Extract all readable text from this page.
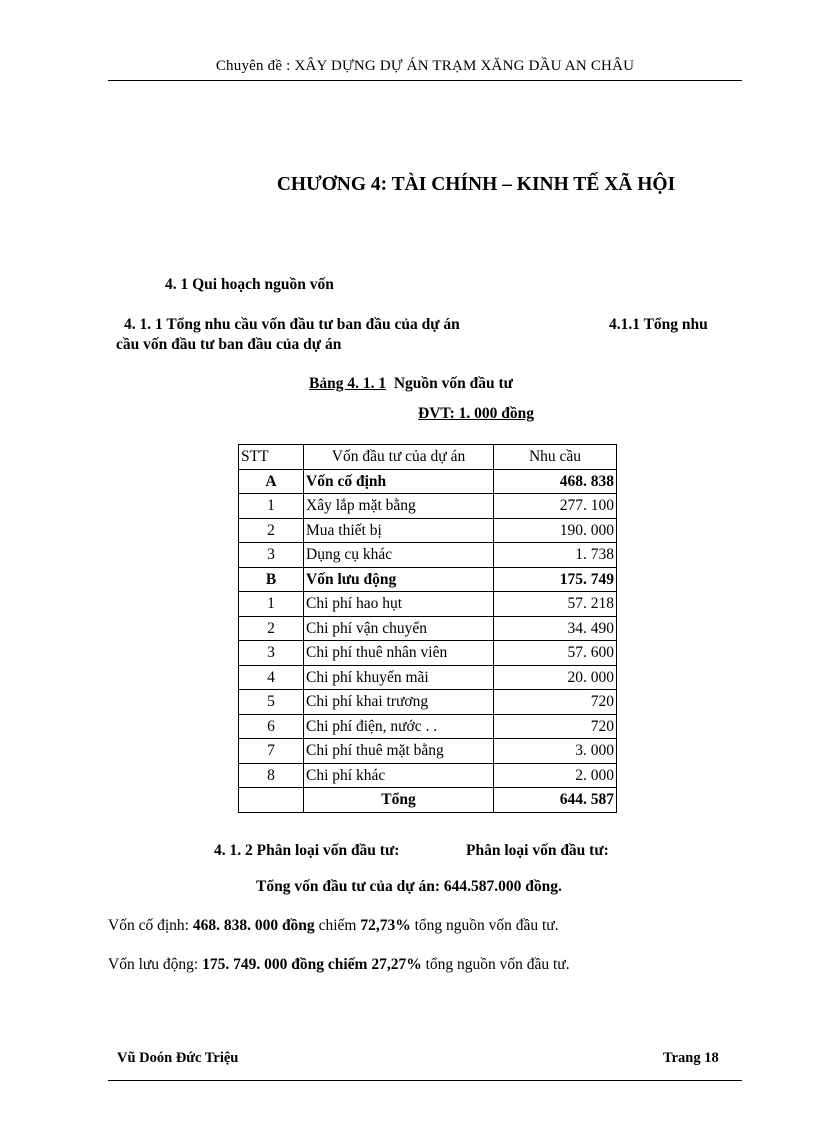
Chuyên đề : XÂY DỰNG DỰ ÁN TRẠM XĂNG DẦU AN CHÂU
CHƯƠNG 4: TÀI CHÍNH – KINH TẾ XÃ HỘI
4. 1 Qui hoạch nguồn vốn
4. 1. 1 Tổng nhu cầu vốn đầu tư ban đầu của dự án	4.1.1 Tổng nhu
cầu vốn đầu tư ban đầu của dự án
Bảng 4. 1. 1 Nguồn vốn đầu tư
ĐVT: 1. 000 đồng
STT	Vốn đầu tư của dự án	Nhu cầu
A	Vốn cố định	468. 838
1	Xây lắp mặt bằng	277. 100
2	Mua thiết bị	190. 000
3	Dụng cụ khác	1. 738
B	Vốn lưu động	175. 749
1	Chi phí hao hụt	57. 218
2	Chi phí vận chuyển	34. 490
3	Chi phí thuê nhân viên	57. 600
4	Chi phí khuyến mãi	20. 000
5	Chi phí khai trương	720
6	Chi phí điện, nước . .	720
7	Chi phí thuê mặt bằng	3. 000
8	Chi phí khác	2. 000
	Tổng	644. 587
4. 1. 2 Phân loại vốn đầu tư:	Phân loại vốn đầu tư:
Tổng vốn đầu tư của dự án: 644.587.000 đồng.
Vốn cố định: 468. 838. 000 đồng chiếm 72,73% tổng nguồn vốn đầu tư.
Vốn lưu động: 175. 749. 000 đồng chiếm 27,27% tổng nguồn vốn đầu tư.
Vũ Doón Đức Triệu	Trang 18
